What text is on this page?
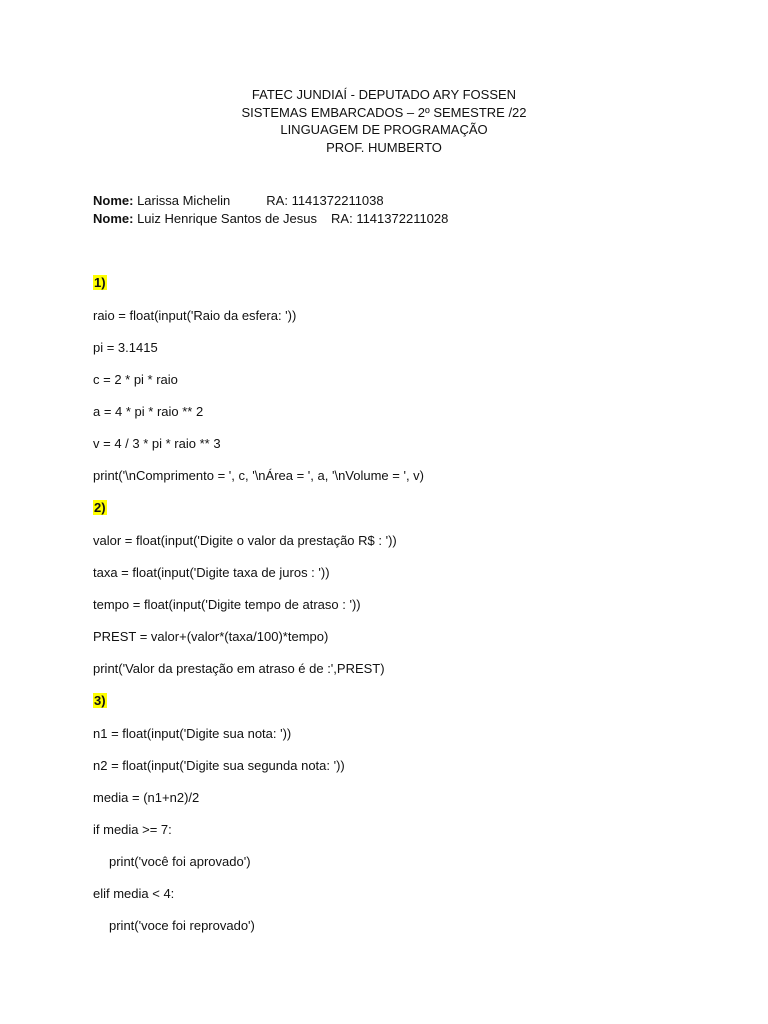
FATEC JUNDIAÍ - DEPUTADO ARY FOSSEN
SISTEMAS EMBARCADOS – 2º SEMESTRE /22
LINGUAGEM DE PROGRAMAÇÃO
PROF. HUMBERTO
Nome: Larissa Michelin	RA: 1141372211038
Nome: Luiz Henrique Santos de Jesus RA: 1141372211028
1)
raio = float(input('Raio da esfera: '))
pi = 3.1415
c = 2 * pi * raio
a = 4 * pi * raio ** 2
v = 4 / 3 * pi * raio ** 3
print('\nComprimento = ', c, '\nÁrea = ', a, '\nVolume = ', v)
2)
valor = float(input('Digite o valor da prestação R$ : '))
taxa = float(input('Digite taxa de juros : '))
tempo = float(input('Digite tempo de atraso : '))
PREST = valor+(valor*(taxa/100)*tempo)
print('Valor da prestação em atraso é de :',PREST)
3)
n1 = float(input('Digite sua nota: '))
n2 = float(input('Digite sua segunda nota: '))
media = (n1+n2)/2
if media >= 7:
print('você foi aprovado')
elif media < 4:
print('voce foi reprovado')
